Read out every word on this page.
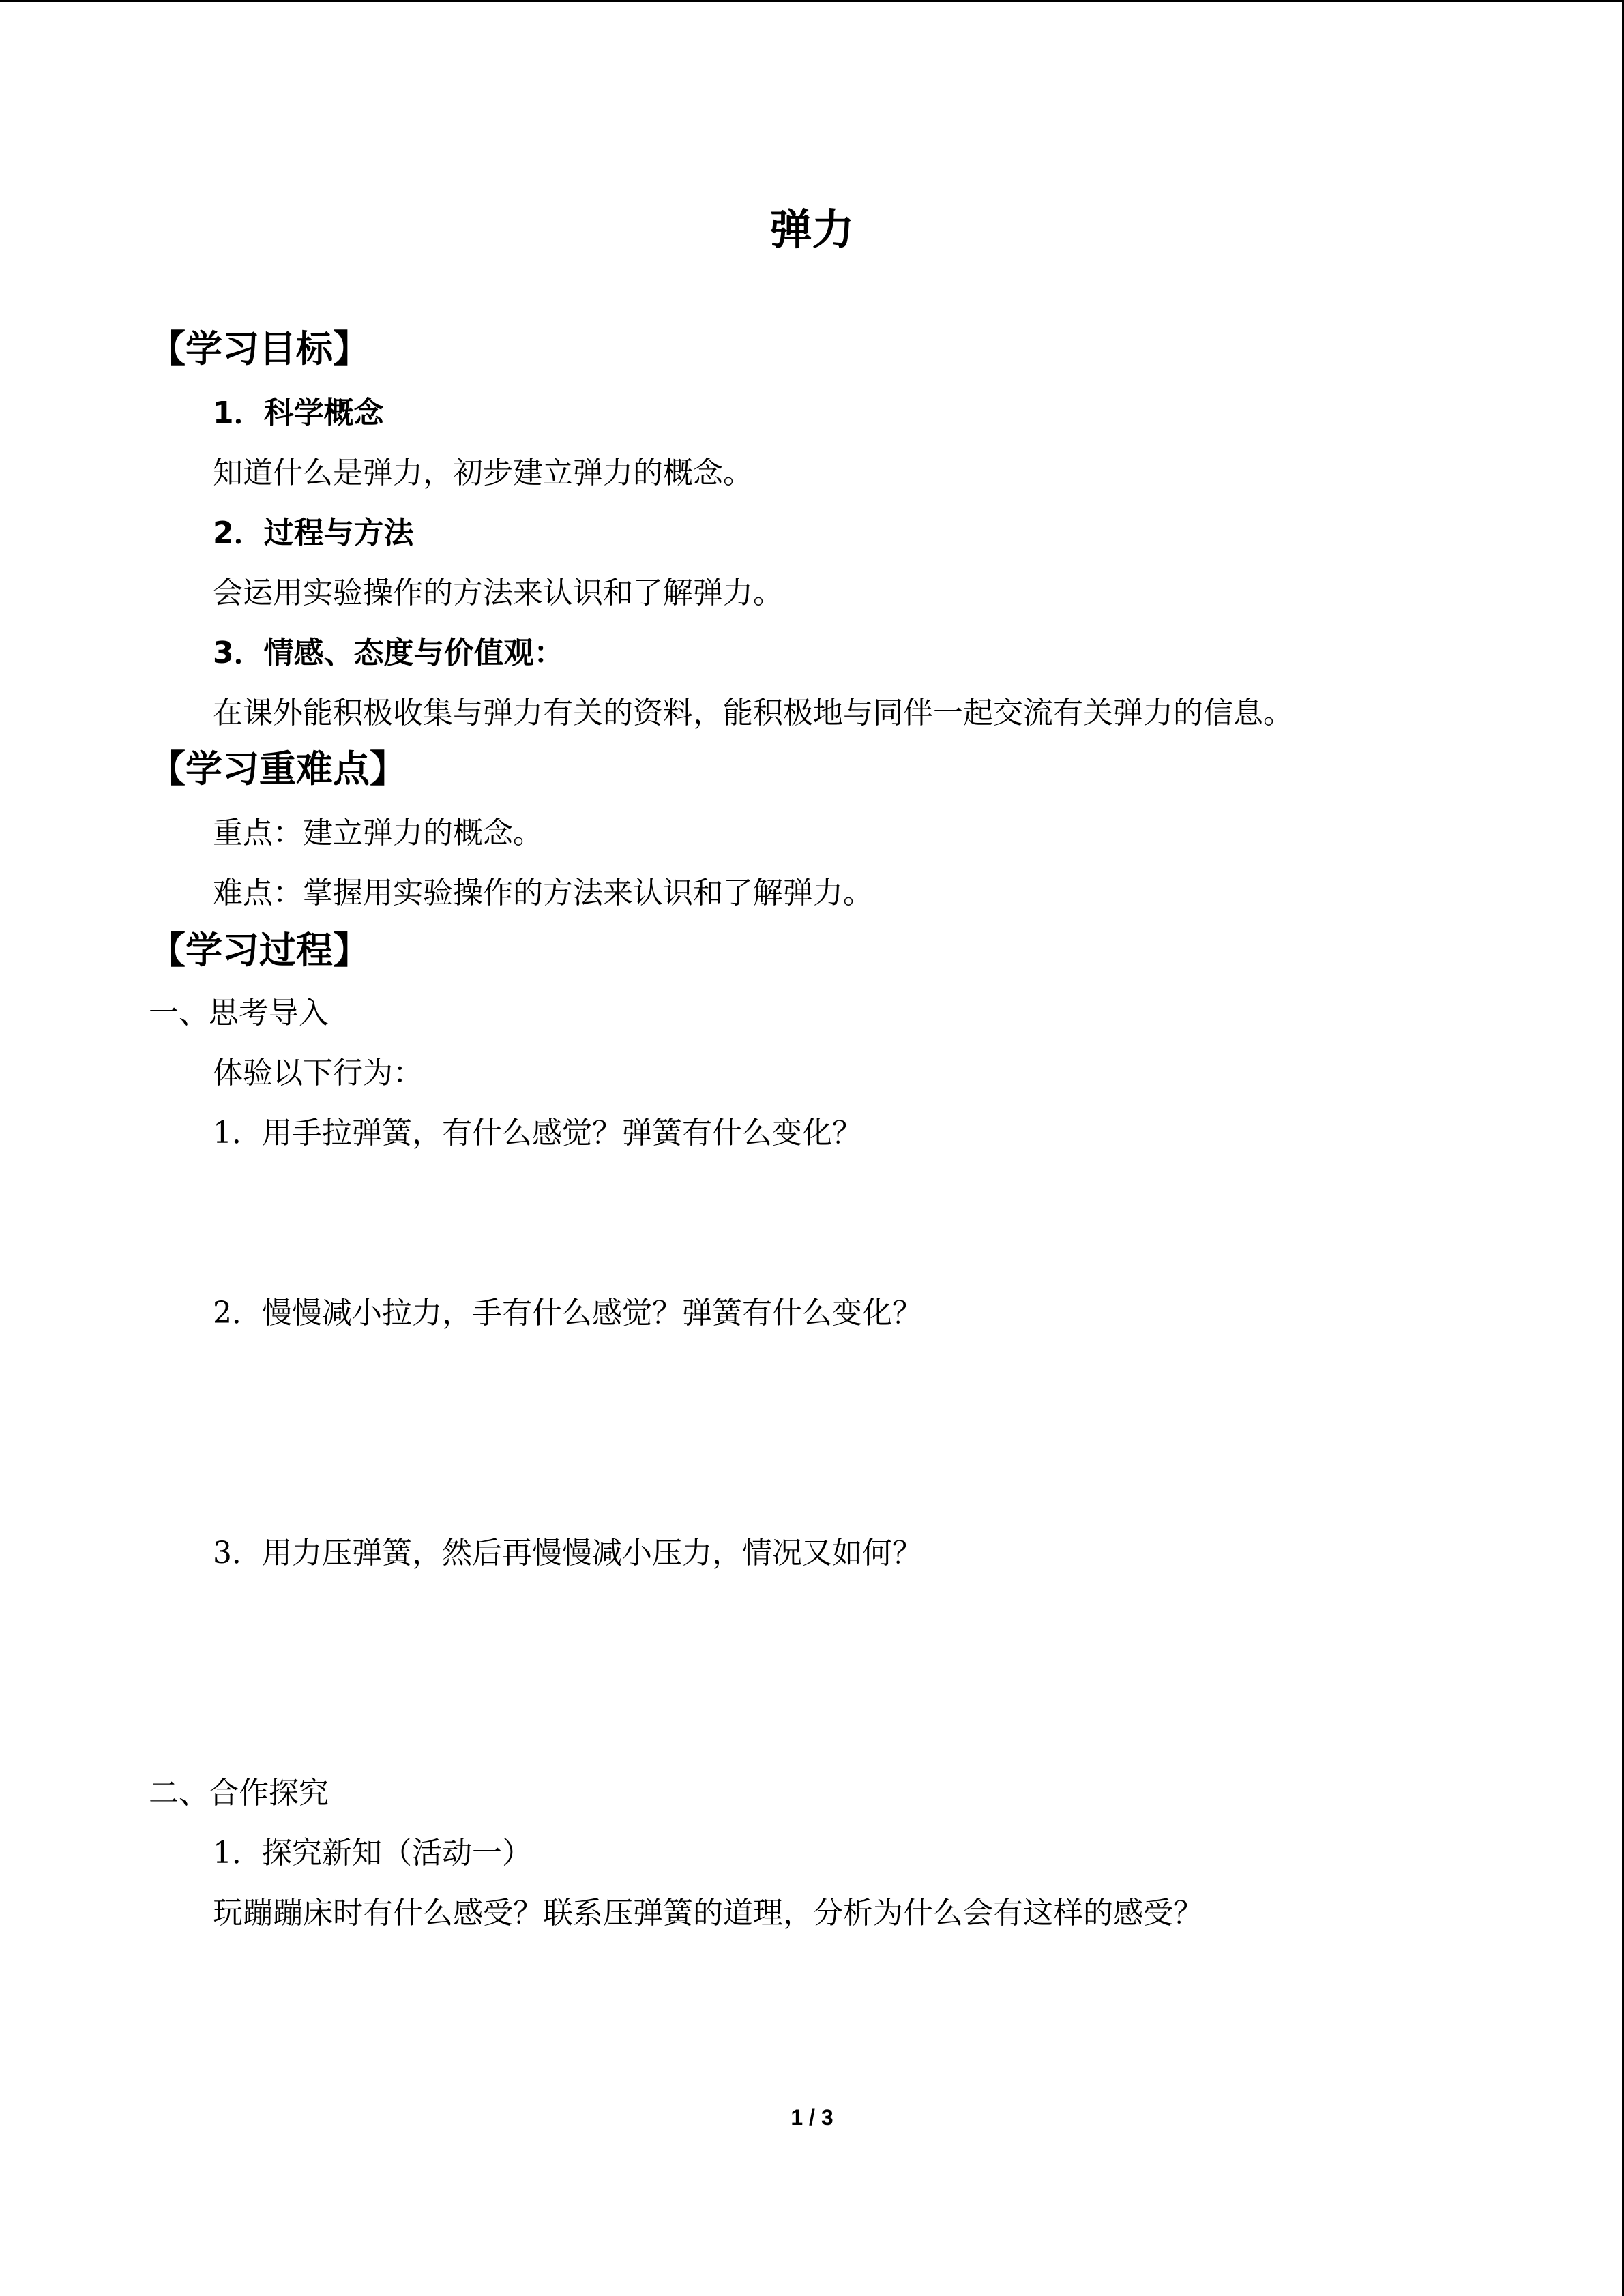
弹力
【学习目标】
1．科学概念
知道什么是弹力，初步建立弹力的概念。
2．过程与方法
会运用实验操作的方法来认识和了解弹力。
3．情感、态度与价值观：
在课外能积极收集与弹力有关的资料，能积极地与同伴一起交流有关弹力的信息。
【学习重难点】
重点：建立弹力的概念。
难点：掌握用实验操作的方法来认识和了解弹力。
【学习过程】
一、思考导入
体验以下行为：
1．用手拉弹簧，有什么感觉？弹簧有什么变化？
2．慢慢减小拉力，手有什么感觉？弹簧有什么变化？
3．用力压弹簧，然后再慢慢减小压力，情况又如何？
二、合作探究
1．探究新知（活动一）
玩蹦蹦床时有什么感受？联系压弹簧的道理，分析为什么会有这样的感受？
1 / 3
